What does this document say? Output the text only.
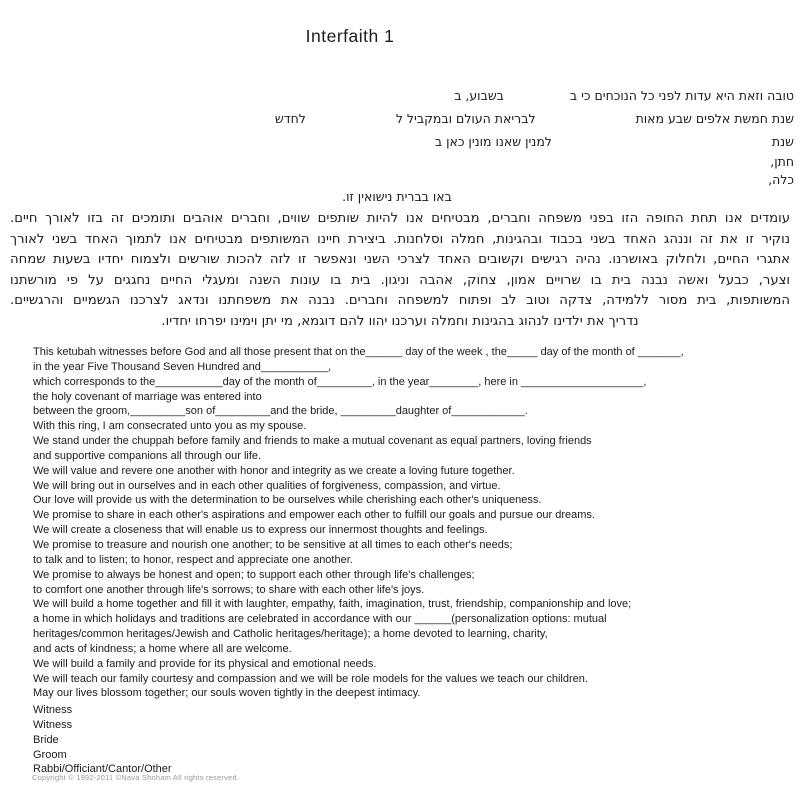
Interfaith 1
טובה וזאת היא עדות לפני כל הנוכחים כי בבשבוע, ב
שנת חמשת אלפים שבע מאותלבריאת העולם ובמקביל ללחדש
שנתלמנין שאנו מונין כאן ב
חתן,
כלה,
באו בברית נישואין זו.
עומדים אנו תחת החופה הזו בפני משפחה וחברים, מבטיחים אנו להיות שותפים שווים, וחברים אוהבים ותומכים זה בזו לאורך חיים.
נוקיר זו את זה וננהג האחד בשני בכבוד ובהגינות, חמלה וסלחנות. ביצירת חיינו המשותפים מבטיחים אנו לתמוך האחד בשני לאורך
אתגרי החיים, ולחלוק באושרנו. נהיה רגישים וקשובים האחד לצרכי השני ונאפשר זו לזה להכות שורשים ולצמוח יחדיו בשעות שמחה
וצער, כבעל ואשה נבנה בית בו שרויים אמון, צחוק, אהבה וניגון. בית בו עונות השנה ומעגלי החיים נחגגים על פי מורשתנו
המשותפות, בית מסור ללמידה, צדקה וטוב לב ופתוח למשפחה וחברים. נבנה את משפחתנו ונדאג לצרכנו הגשמיים והרגשיים.
נדריך את ילדינו לנהוג בהגינות וחמלה וערכנו יהוו להם דוגמא, מי יתן וימינו יפרחו יחדיו.
This ketubah witnesses before God and all those present that on the______ day of the week , the_____ day of the month of _______,
in the year Five Thousand Seven Hundred and___________,
which corresponds to the___________day of the month of_________, in the year________, here in ____________________,
the holy covenant of marriage was entered into
between the groom,_________son of_________and the bride, _________daughter of____________.
With this ring, I am consecrated unto you as my spouse.
We stand under the chuppah before family and friends to make a mutual covenant as equal partners, loving friends
and supportive companions all through our life.
We will value and revere one another with honor and integrity as we create a loving future together.
We will bring out in ourselves and in each other qualities of forgiveness, compassion, and virtue.
Our love will provide us with the determination to be ourselves while cherishing each other's uniqueness.
We promise to share in each other's aspirations and empower each other to fulfill our goals and pursue our dreams.
We will create a closeness that will enable us to express our innermost thoughts and feelings.
We promise to treasure and nourish one another; to be sensitive at all times to each other's needs;
to talk and to listen; to honor, respect and appreciate one another.
We promise to always be honest and open; to support each other through life's challenges;
to comfort one another through life's sorrows; to share with each other life's joys.
We will build a home together and fill it with laughter, empathy, faith, imagination, trust, friendship, companionship and love;
a home in which holidays and traditions are celebrated in accordance with our ______(personalization options: mutual
heritages/common heritages/Jewish and Catholic heritages/heritage); a home devoted to learning, charity,
and acts of kindness; a home where all are welcome.
We will build a family and provide for its physical and emotional needs.
We will teach our family courtesy and compassion and we will be role models for the values we teach our children.
May our lives blossom together; our souls woven tightly in the deepest intimacy.
Witness
Witness
Bride
Groom
Rabbi/Officiant/Cantor/Other
Copyright © 1992-2011 ©Nava Shoham All rights reserved.
